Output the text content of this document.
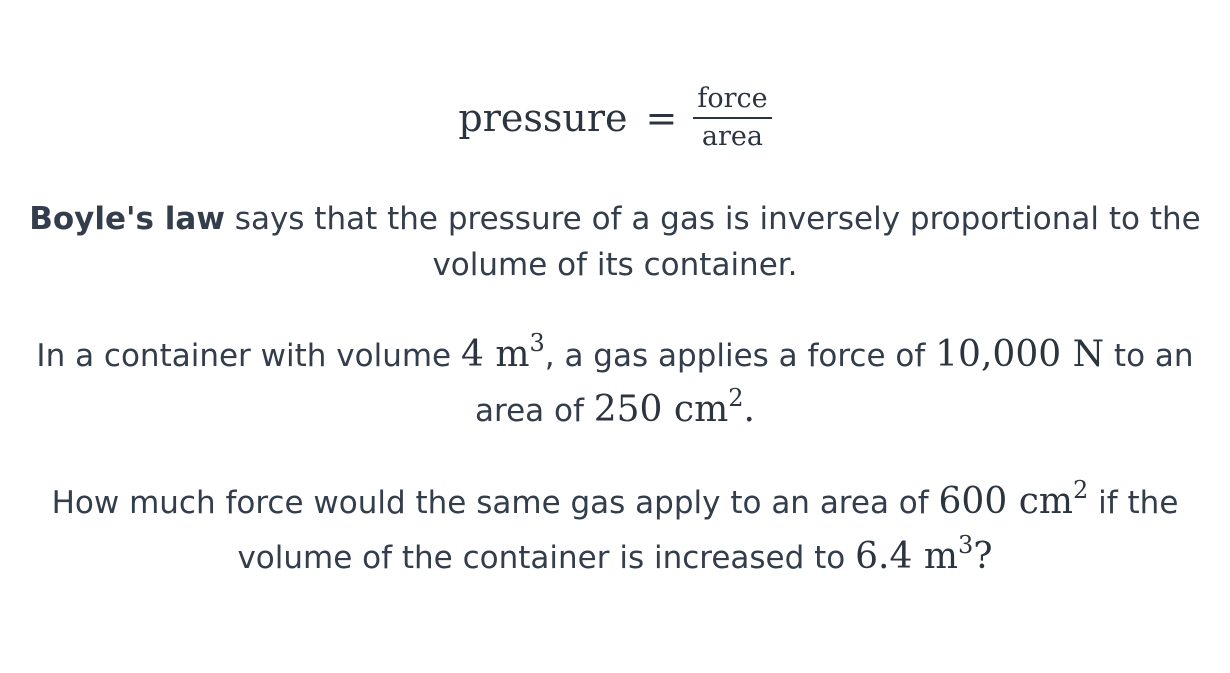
pressure = $\frac{\text{force}}{\text{area}}$
Boyle's law says that the pressure of a gas is inversely proportional to the volume of its container.
In a container with volume 4 $m^3$, a gas applies a force of 10,000 N to an area of 250 $cm^2$.
How much force would the same gas apply to an area of 600 $cm^2$ if the volume of the container is increased to 6.4 $m^3$?
